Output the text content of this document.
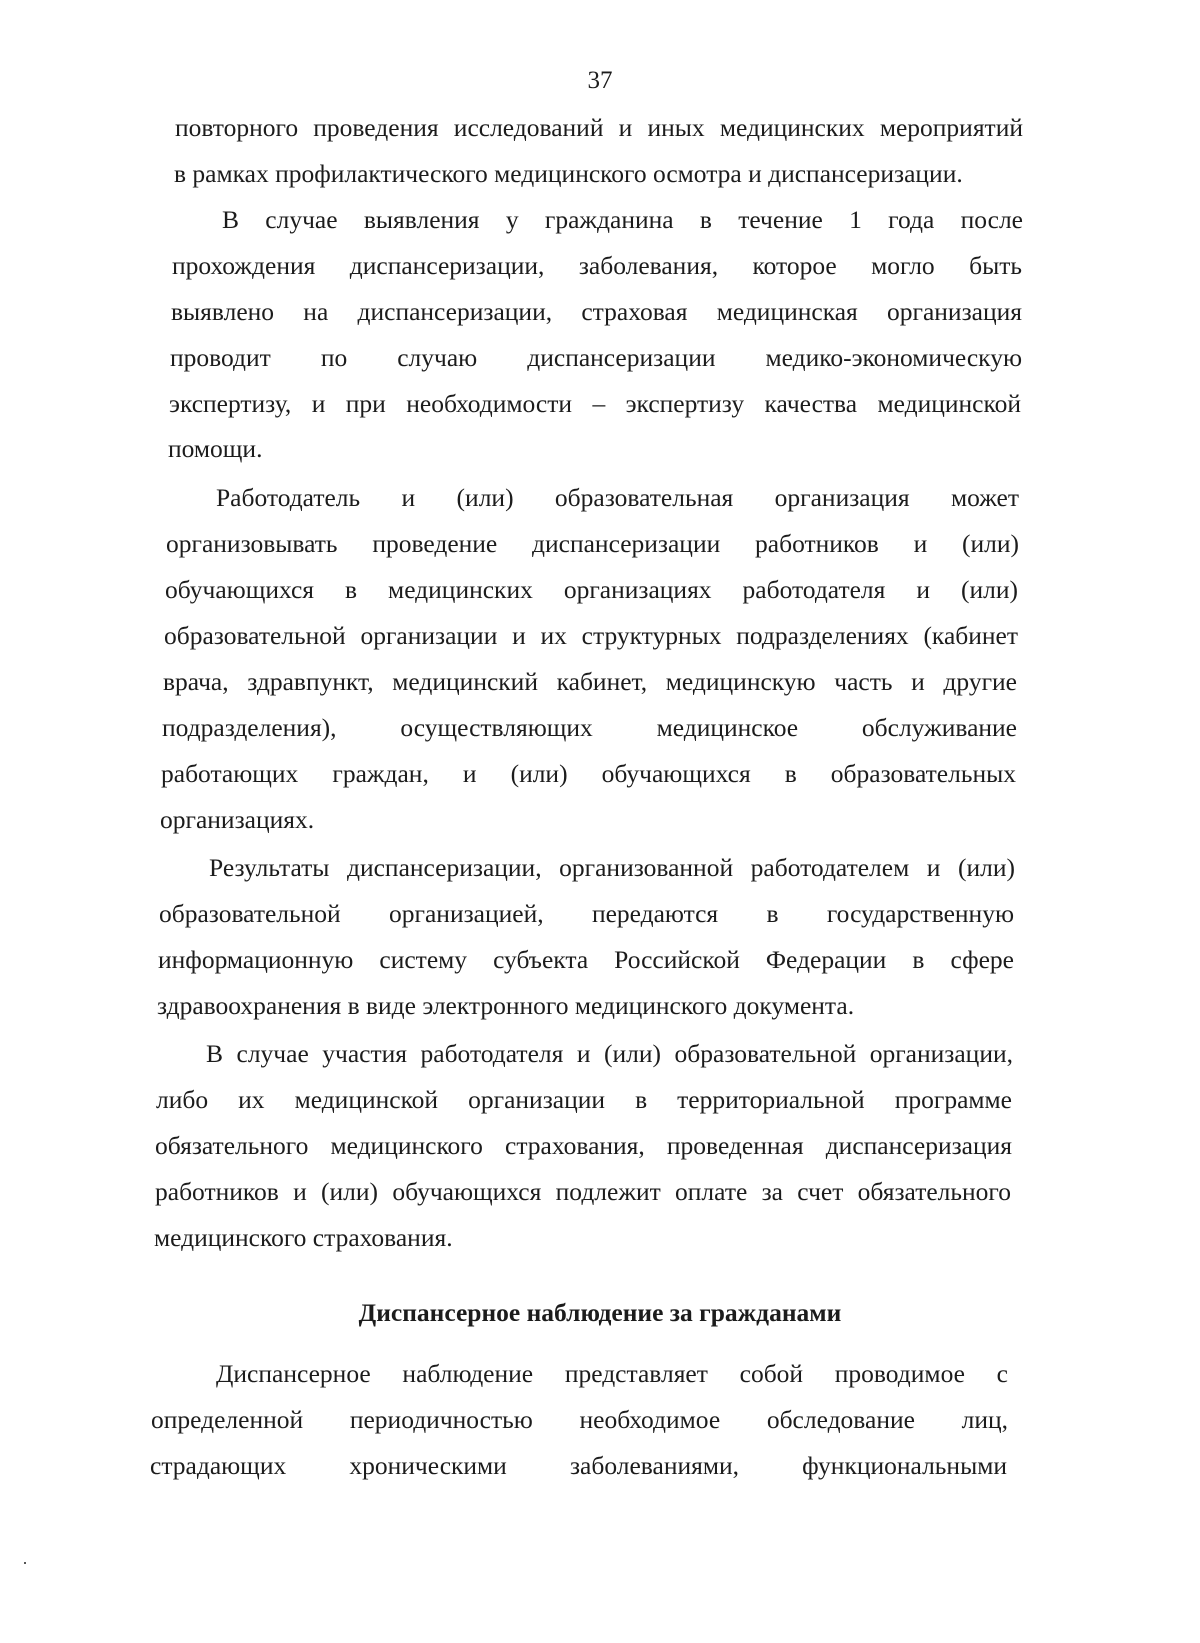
37
повторного проведения исследований и иных медицинских мероприятий
в рамках профилактического медицинского осмотра и диспансеризации.
В случае выявления у гражданина в течение 1 года после
прохождения диспансеризации, заболевания, которое могло быть
выявлено на диспансеризации, страховая медицинская организация
проводит по случаю диспансеризации медико-экономическую
экспертизу, и при необходимости – экспертизу качества медицинской
помощи.
Работодатель и (или) образовательная организация может
организовывать проведение диспансеризации работников и (или)
обучающихся в медицинских организациях работодателя и (или)
образовательной организации и их структурных подразделениях (кабинет
врача, здравпункт, медицинский кабинет, медицинскую часть и другие
подразделения), осуществляющих медицинское обслуживание
работающих граждан, и (или) обучающихся в образовательных
организациях.
Результаты диспансеризации, организованной работодателем и (или)
образовательной организацией, передаются в государственную
информационную систему субъекта Российской Федерации в сфере
здравоохранения в виде электронного медицинского документа.
В случае участия работодателя и (или) образовательной организации,
либо их медицинской организации в территориальной программе
обязательного медицинского страхования, проведенная диспансеризация
работников и (или) обучающихся подлежит оплате за счет обязательного
медицинского страхования.
Диспансерное наблюдение за гражданами
Диспансерное наблюдение представляет собой проводимое с
определенной периодичностью необходимое обследование лиц,
страдающих хроническими заболеваниями, функциональными
